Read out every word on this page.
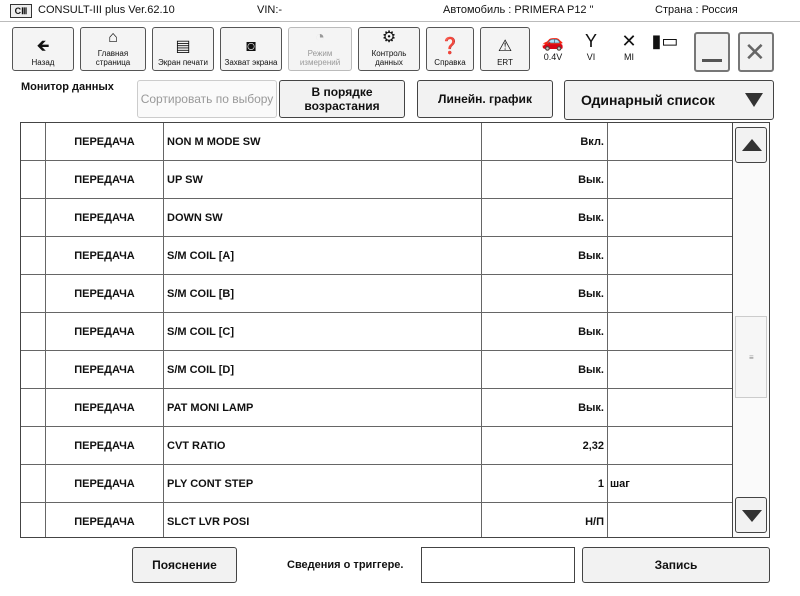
CⅢ CONSULT-III plus Ver.62.10	VIN:-	Автомобиль : PRIMERA P12 "	Страна : Россия
🡸
Назад
⌂
Главная страница
▤
Экран печати
◙
Захват экрана
◔
Режим измерений
⚙
Контроль данных
❓
Справка
⚠
ERT
🚗
0.4V
Y
VI
✕
MI
▮▭	✕
Монитор данных
Сортировать по выбору	В порядке возрастания	Линейн. график	Одинарный список
ПЕРЕДАЧА	NON M MODE SW	Вкл.
ПЕРЕДАЧА	UP SW	Вык.
ПЕРЕДАЧА	DOWN SW	Вык.
ПЕРЕДАЧА	S/M COIL [A]	Вык.
ПЕРЕДАЧА	S/M COIL [B]	Вык.
ПЕРЕДАЧА	S/M COIL [C]	Вык.
ПЕРЕДАЧА	S/M COIL [D]	Вык.
ПЕРЕДАЧА	PAT MONI LAMP	Вык.
ПЕРЕДАЧА	CVT RATIO	2,32
ПЕРЕДАЧА	PLY CONT STEP	1 шаг
ПЕРЕДАЧА	SLCT LVR POSI	Н/П
≡
Пояснение	Сведения о триггере.	Запись
